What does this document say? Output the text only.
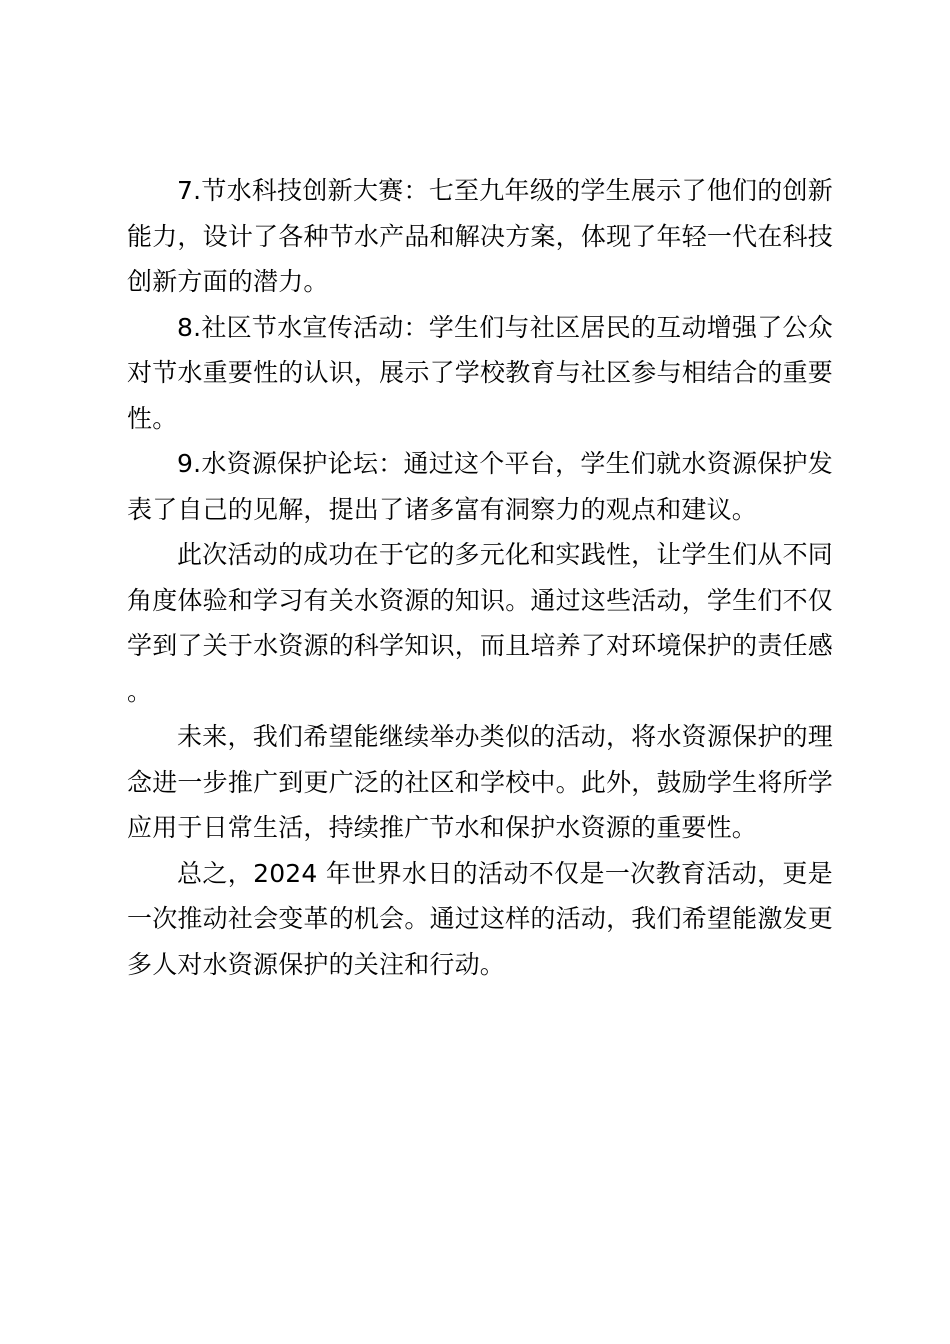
7.节水科技创新大赛：七至九年级的学生展示了他们的创新能力，设计了各种节水产品和解决方案，体现了年轻一代在科技创新方面的潜力。

8.社区节水宣传活动：学生们与社区居民的互动增强了公众对节水重要性的认识，展示了学校教育与社区参与相结合的重要性。

9.水资源保护论坛：通过这个平台，学生们就水资源保护发表了自己的见解，提出了诸多富有洞察力的观点和建议。

此次活动的成功在于它的多元化和实践性，让学生们从不同角度体验和学习有关水资源的知识。通过这些活动，学生们不仅学到了关于水资源的科学知识，而且培养了对环境保护的责任感。

未来，我们希望能继续举办类似的活动，将水资源保护的理念进一步推广到更广泛的社区和学校中。此外，鼓励学生将所学应用于日常生活，持续推广节水和保护水资源的重要性。

总之，2024 年世界水日的活动不仅是一次教育活动，更是一次推动社会变革的机会。通过这样的活动，我们希望能激发更多人对水资源保护的关注和行动。
